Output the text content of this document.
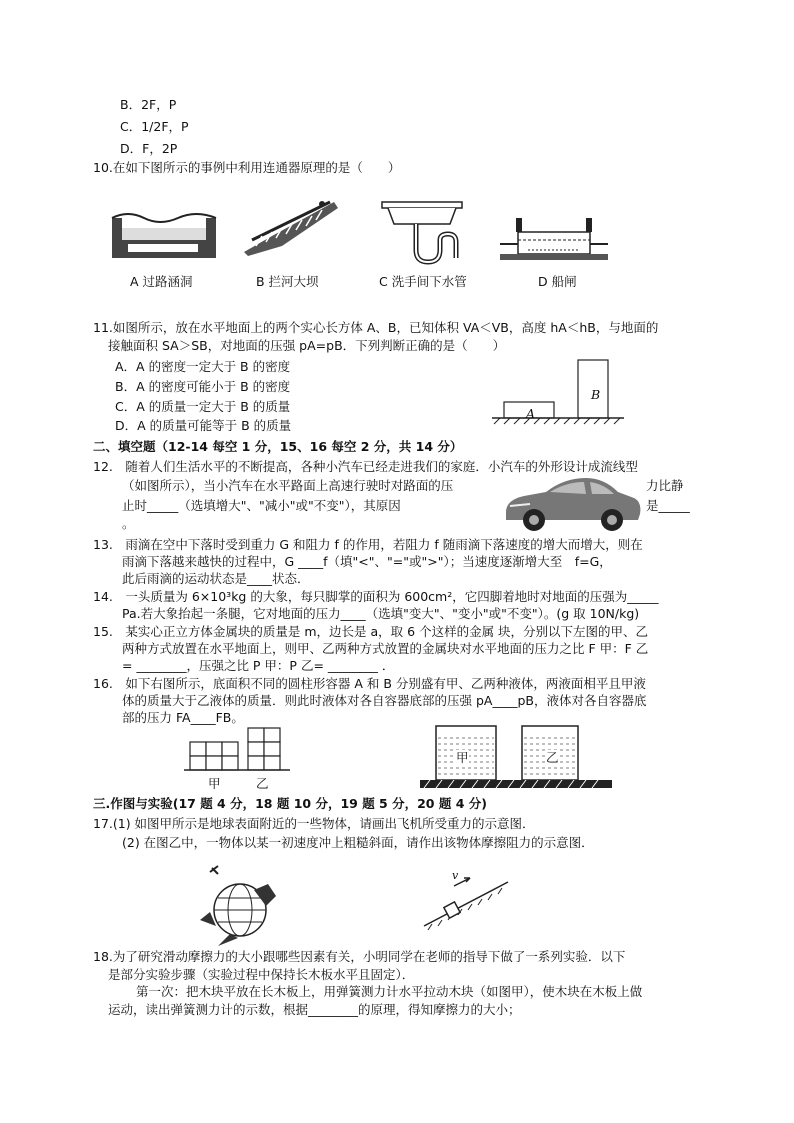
B．2F，P
C．1/2F，P
D．F，2P
10.在如下图所示的事例中利用连通器原理的是（　　）
A 过路涵洞	B 拦河大坝	C 洗手间下水管	D 船闸
11.如图所示，放在水平地面上的两个实心长方体 A、B，已知体积 VA＜VB，高度 hA＜hB，与地面的
接触面积 SA＞SB，对地面的压强 pA=pB．下列判断正确的是（　　）
A．A 的密度一定大于 B 的密度
B．A 的密度可能小于 B 的密度
C．A 的质量一定大于 B 的质量
D．A 的质量可能等于 B 的质量
A
B
二、填空题（12-14 每空 1 分，15、16 每空 2 分，共 14 分）
12.　随着人们生活水平的不断提高，各种小汽车已经走进我们的家庭．小汽车的外形设计成流线型
（如图所示），当小汽车在水平路面上高速行驶时对路面的压	力比静
止时_____（选填增大"、"减小"或"不变"），其原因	是_____
。
13.　雨滴在空中下落时受到重力 G 和阻力 f 的作用，若阻力 f 随雨滴下落速度的增大而增大，则在
雨滴下落越来越快的过程中，G ____f（填"<"、"="或">"）；当速度逐渐增大至　f=G，
此后雨滴的运动状态是____状态．
14.　一头质量为 6×10³kg 的大象，每只脚掌的面积为 600cm²，它四脚着地时对地面的压强为_____
Pa.若大象抬起一条腿，它对地面的压力____（选填"变大"、"变小"或"不变"）。(g 取 10N/kg)
15.　某实心正立方体金属块的质量是 m，边长是 a，取 6 个这样的金属 块，分别以下左图的甲、乙
两种方式放置在水平地面上，则甲、乙两种方式放置的金属块对水平地面的压力之比 F 甲：F 乙
= ________，压强之比 P 甲：P 乙= ________ ．
16.　如下右图所示，底面积不同的圆柱形容器 A 和 B 分别盛有甲、乙两种液体，两液面相平且甲液
体的质量大于乙液体的质量．则此时液体对各自容器底部的压强 pA____pB，液体对各自容器底
部的压力 FA____FB。
甲	乙
甲	乙
三.作图与实验(17 题 4 分，18 题 10 分，19 题 5 分，20 题 4 分)
17.(1) 如图甲所示是地球表面附近的一些物体，请画出飞机所受重力的示意图．
(2) 在图乙中，一物体以某一初速度冲上粗糙斜面，请作出该物体摩擦阻力的示意图．
v
18.为了研究滑动摩擦力的大小跟哪些因素有关，小明同学在老师的指导下做了一系列实验．以下
是部分实验步骤（实验过程中保持长木板水平且固定）．
第一次：把木块平放在长木板上，用弹簧测力计水平拉动木块（如图甲），使木块在木板上做
运动，读出弹簧测力计的示数，根据________的原理，得知摩擦力的大小；
